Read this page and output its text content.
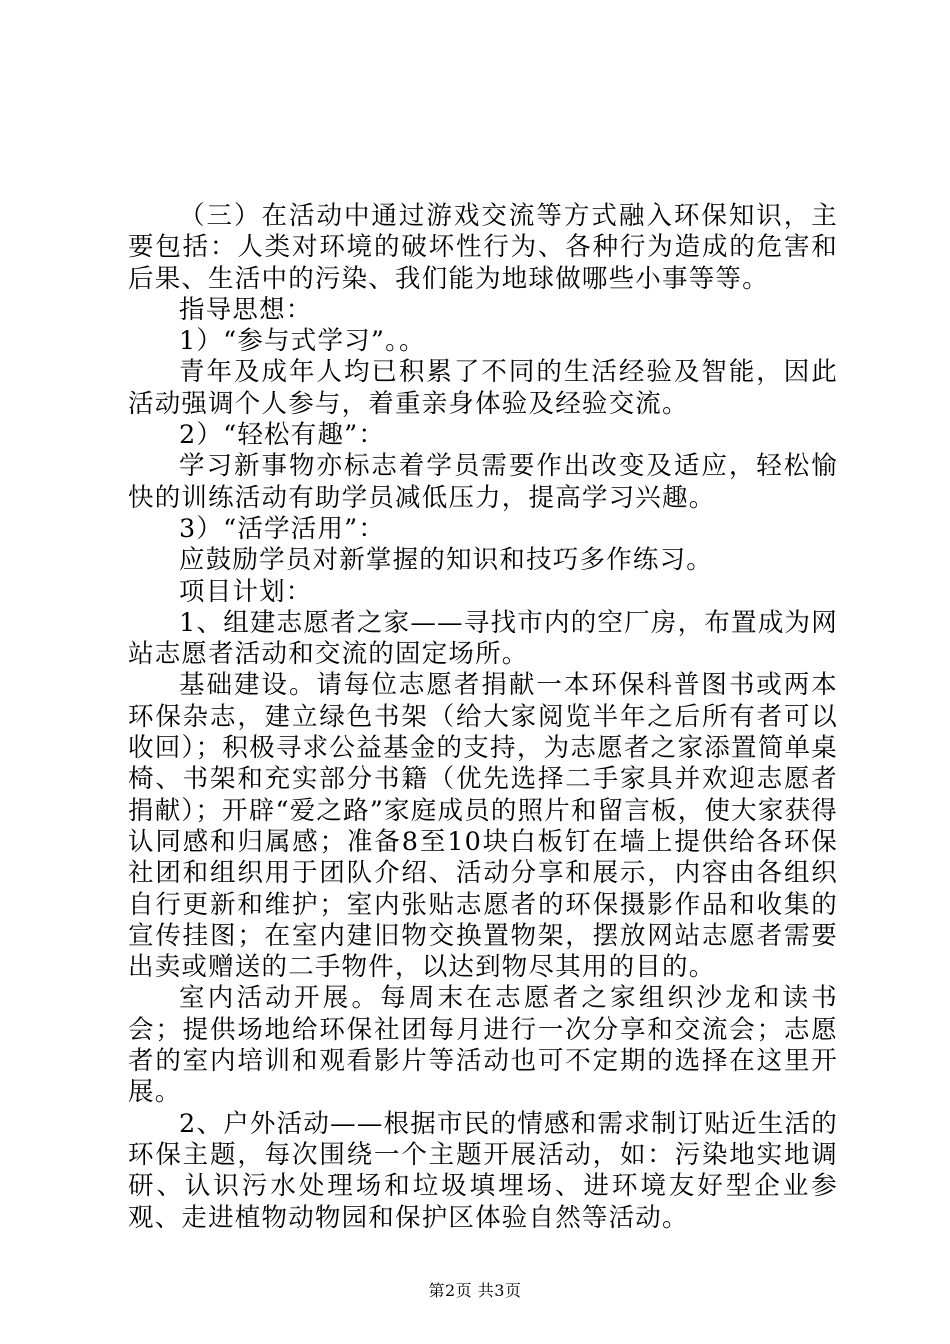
（三）在活动中通过游戏交流等方式融入环保知识，主要包括：人类对环境的破坏性行为、各种行为造成的危害和后果、生活中的污染、我们能为地球做哪些小事等等。

指导思想：

1）“参与式学习”。。

青年及成年人均已积累了不同的生活经验及智能，因此活动强调个人参与，着重亲身体验及经验交流。

2）“轻松有趣”：

学习新事物亦标志着学员需要作出改变及适应，轻松愉快的训练活动有助学员减低压力，提高学习兴趣。

3）“活学活用”：

应鼓励学员对新掌握的知识和技巧多作练习。

项目计划：

1、组建志愿者之家——寻找市内的空厂房，布置成为网站志愿者活动和交流的固定场所。

基础建设。请每位志愿者捐献一本环保科普图书或两本环保杂志，建立绿色书架（给大家阅览半年之后所有者可以收回）；积极寻求公益基金的支持，为志愿者之家添置简单桌椅、书架和充实部分书籍（优先选择二手家具并欢迎志愿者捐献）；开辟“爱之路”家庭成员的照片和留言板，使大家获得认同感和归属感；准备8至10块白板钉在墙上提供给各环保社团和组织用于团队介绍、活动分享和展示，内容由各组织自行更新和维护；室内张贴志愿者的环保摄影作品和收集的宣传挂图；在室内建旧物交换置物架，摆放网站志愿者需要出卖或赠送的二手物件，以达到物尽其用的目的。

室内活动开展。每周末在志愿者之家组织沙龙和读书会；提供场地给环保社团每月进行一次分享和交流会；志愿者的室内培训和观看影片等活动也可不定期的选择在这里开展。

2、户外活动——根据市民的情感和需求制订贴近生活的环保主题，每次围绕一个主题开展活动，如：污染地实地调研、认识污水处理场和垃圾填埋场、进环境友好型企业参观、走进植物动物园和保护区体验自然等活动。

第2页 共3页
